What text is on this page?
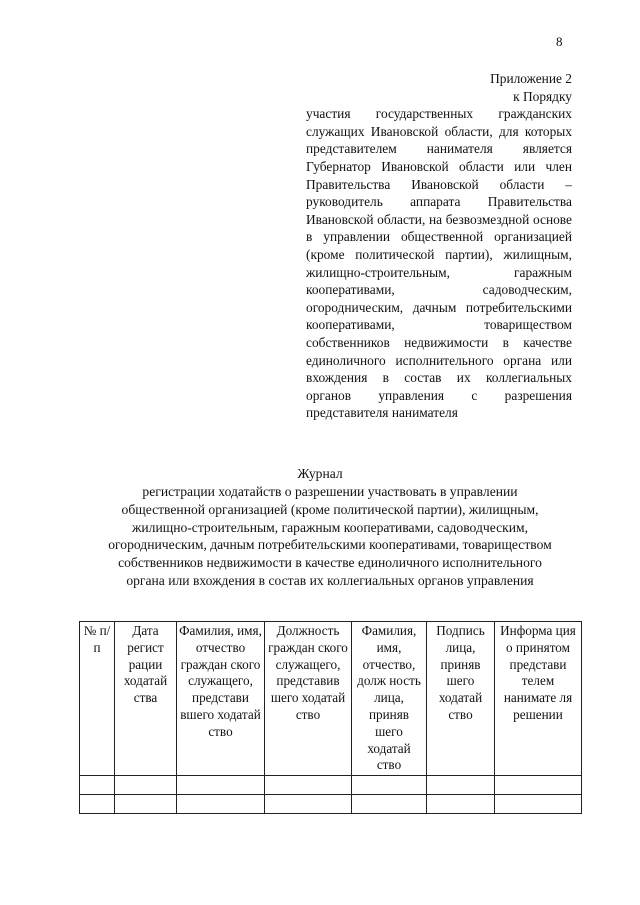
8
Приложение 2
к Порядку
участия государственных гражданских служащих Ивановской области, для которых представителем нанимателя является Губернатор Ивановской области или член Правительства Ивановской области – руководитель аппарата Правительства Ивановской области, на безвозмездной основе в управлении общественной организацией (кроме политической партии), жилищным, жилищно-строительным, гаражным кооперативами, садоводческим, огородническим, дачным потребительскими кооперативами, товариществом собственников недвижимости в качестве единоличного исполнительного органа или вхождения в состав их коллегиальных органов управления с разрешения представителя нанимателя
Журнал
регистрации ходатайств о разрешении участвовать в управлении общественной организацией (кроме политической партии), жилищным, жилищно-строительным, гаражным кооперативами, садоводческим, огородническим, дачным потребительскими кооперативами, товариществом собственников недвижимости в качестве единоличного исполнительного органа или вхождения в состав их коллегиальных органов управления
№ п/п	Дата регист рации ходатай ства	Фамилия, имя, отчество граждан ского служащего, представи вшего ходатай ство	Должность граждан ского служащего, представив шего ходатай ство	Фамилия, имя, отчество, долж ность лица, приняв шего ходатай ство	Подпись лица, приняв шего ходатай ство	Информа ция о принятом представи телем нанимате ля решении
